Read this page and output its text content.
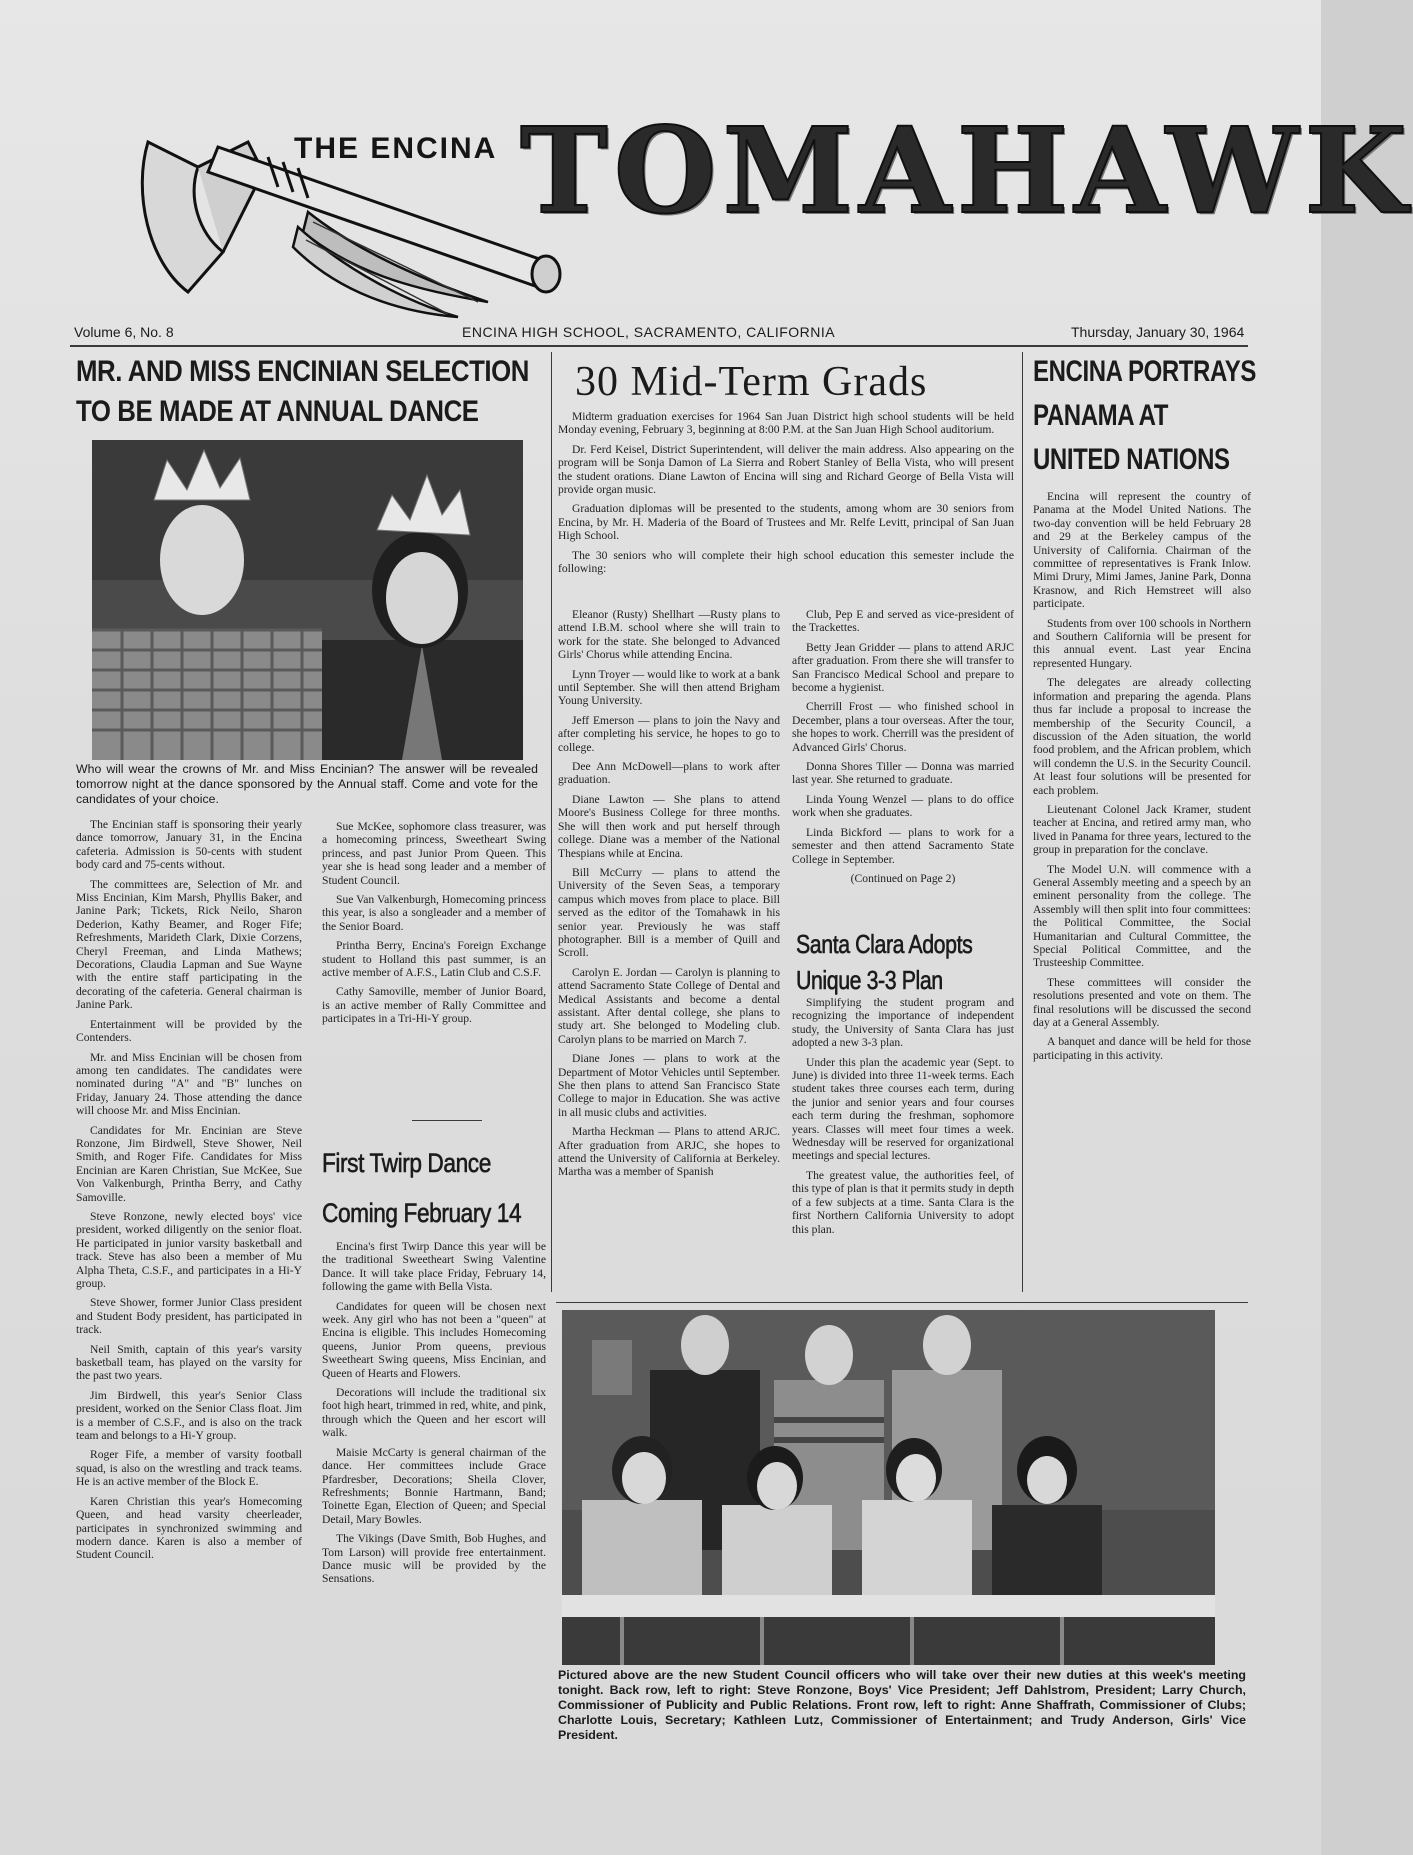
THE ENCINA TOMAHAWK
Volume 6, No. 8	ENCINA HIGH SCHOOL, SACRAMENTO, CALIFORNIA	Thursday, January 30, 1964
MR. AND MISS ENCINIAN SELECTION
TO BE MADE AT ANNUAL DANCE
Who will wear the crowns of Mr. and Miss Encinian? The answer will be revealed tomorrow night at the dance sponsored by the Annual staff. Come and vote for the candidates of your choice.

The Encinian staff is sponsoring their yearly dance tomorrow, January 31, in the Encina cafeteria. Admission is 50-cents with student body card and 75-cents without.

The committees are, Selection of Mr. and Miss Encinian, Kim Marsh, Phyllis Baker, and Janine Park; Tickets, Rick Neilo, Sharon Dederion, Kathy Beamer, and Roger Fife; Refreshments, Marideth Clark, Dixie Corzens, Cheryl Freeman, and Linda Mathews; Decorations, Claudia Lapman and Sue Wayne with the entire staff participating in the decorating of the cafeteria. General chairman is Janine Park.

Entertainment will be provided by the Contenders.

Mr. and Miss Encinian will be chosen from among ten candidates. The candidates were nominated during "A" and "B" lunches on Friday, January 24. Those attending the dance will choose Mr. and Miss Encinian.

Candidates for Mr. Encinian are Steve Ronzone, Jim Birdwell, Steve Shower, Neil Smith, and Roger Fife. Candidates for Miss Encinian are Karen Christian, Sue McKee, Sue Von Valkenburgh, Printha Berry, and Cathy Samoville.

Steve Ronzone, newly elected boys' vice president, worked diligently on the senior float. He participated in junior varsity basketball and track. Steve has also been a member of Mu Alpha Theta, C.S.F., and participates in a Hi-Y group.

Steve Shower, former Junior Class president and Student Body president, has participated in track.

Neil Smith, captain of this year's varsity basketball team, has played on the varsity for the past two years.

Jim Birdwell, this year's Senior Class president, worked on the Senior Class float. Jim is a member of C.S.F., and is also on the track team and belongs to a Hi-Y group.

Roger Fife, a member of varsity football squad, is also on the wrestling and track teams. He is an active member of the Block E.

Karen Christian this year's Homecoming Queen, and head varsity cheerleader, participates in synchronized swimming and modern dance. Karen is also a member of Student Council.

Sue McKee, sophomore class treasurer, was a homecoming princess, Sweetheart Swing princess, and past Junior Prom Queen. This year she is head song leader and a member of Student Council.

Sue Van Valkenburgh, Homecoming princess this year, is also a songleader and a member of the Senior Board.

Printha Berry, Encina's Foreign Exchange student to Holland this past summer, is an active member of A.F.S., Latin Club and C.S.F.

Cathy Samoville, member of Junior Board, is an active member of Rally Committee and participates in a Tri-Hi-Y group.

First Twirp Dance
Coming February 14

Encina's first Twirp Dance this year will be the traditional Sweetheart Swing Valentine Dance. It will take place Friday, February 14, following the game with Bella Vista.

Candidates for queen will be chosen next week. Any girl who has not been a "queen" at Encina is eligible. This includes Homecoming queens, Junior Prom queens, previous Sweetheart Swing queens, Miss Encinian, and Queen of Hearts and Flowers.

Decorations will include the traditional six foot high heart, trimmed in red, white, and pink, through which the Queen and her escort will walk.

Maisie McCarty is general chairman of the dance. Her committees include Grace Pfardresber, Decorations; Sheila Clover, Refreshments; Bonnie Hartmann, Band; Toinette Egan, Election of Queen; and Special Detail, Mary Bowles.

The Vikings (Dave Smith, Bob Hughes, and Tom Larson) will provide free entertainment. Dance music will be provided by the Sensations.

30 Mid-Term Grads

Midterm graduation exercises for 1964 San Juan District high school students will be held Monday evening, February 3, beginning at 8:00 P.M. at the San Juan High School auditorium.

Dr. Ferd Keisel, District Superintendent, will deliver the main address. Also appearing on the program will be Sonja Damon of La Sierra and Robert Stanley of Bella Vista, who will present the student orations. Diane Lawton of Encina will sing and Richard George of Bella Vista will provide organ music.

Graduation diplomas will be presented to the students, among whom are 30 seniors from Encina, by Mr. H. Maderia of the Board of Trustees and Mr. Relfe Levitt, principal of San Juan High School.

The 30 seniors who will complete their high school education this semester include the following:

Eleanor (Rusty) Shellhart —Rusty plans to attend I.B.M. school where she will train to work for the state. She belonged to Advanced Girls' Chorus while attending Encina.

Lynn Troyer — would like to work at a bank until September. She will then attend Brigham Young University.

Jeff Emerson — plans to join the Navy and after completing his service, he hopes to go to college.

Dee Ann McDowell—plans to work after graduation.

Diane Lawton — She plans to attend Moore's Business College for three months. She will then work and put herself through college. Diane was a member of the National Thespians while at Encina.

Bill McCurry — plans to attend the University of the Seven Seas, a temporary campus which moves from place to place. Bill served as the editor of the Tomahawk in his senior year. Previously he was staff photographer. Bill is a member of Quill and Scroll.

Carolyn E. Jordan — Carolyn is planning to attend Sacramento State College of Dental and Medical Assistants and become a dental assistant. After dental college, she plans to study art. She belonged to Modeling club. Carolyn plans to be married on March 7.

Diane Jones — plans to work at the Department of Motor Vehicles until September. She then plans to attend San Francisco State College to major in Education. She was active in all music clubs and activities.

Martha Heckman — Plans to attend ARJC. After graduation from ARJC, she hopes to attend the University of California at Berkeley. Martha was a member of Spanish

Club, Pep E and served as vice-president of the Trackettes.

Betty Jean Gridder — plans to attend ARJC after graduation. From there she will transfer to San Francisco Medical School and prepare to become a hygienist.

Cherrill Frost — who finished school in December, plans a tour overseas. After the tour, she hopes to work. Cherrill was the president of Advanced Girls' Chorus.

Donna Shores Tiller — Donna was married last year. She returned to graduate.

Linda Young Wenzel — plans to do office work when she graduates.

Linda Bickford — plans to work for a semester and then attend Sacramento State College in September.

(Continued on Page 2)

Santa Clara Adopts
Unique 3-3 Plan

Simplifying the student program and recognizing the importance of independent study, the University of Santa Clara has just adopted a new 3-3 plan.

Under this plan the academic year (Sept. to June) is divided into three 11-week terms. Each student takes three courses each term, during the junior and senior years and four courses each term during the freshman, sophomore years. Classes will meet four times a week. Wednesday will be reserved for organizational meetings and special lectures.

The greatest value, the authorities feel, of this type of plan is that it permits study in depth of a few subjects at a time. Santa Clara is the first Northern California University to adopt this plan.

ENCINA PORTRAYS
PANAMA AT
UNITED NATIONS

Encina will represent the country of Panama at the Model United Nations. The two-day convention will be held February 28 and 29 at the Berkeley campus of the University of California. Chairman of the committee of representatives is Frank Inlow. Mimi Drury, Mimi James, Janine Park, Donna Krasnow, and Rich Hemstreet will also participate.

Students from over 100 schools in Northern and Southern California will be present for this annual event. Last year Encina represented Hungary.

The delegates are already collecting information and preparing the agenda. Plans thus far include a proposal to increase the membership of the Security Council, a discussion of the Aden situation, the world food problem, and the African problem, which will condemn the U.S. in the Security Council. At least four solutions will be presented for each problem.

Lieutenant Colonel Jack Kramer, student teacher at Encina, and retired army man, who lived in Panama for three years, lectured to the group in preparation for the conclave.

The Model U.N. will commence with a General Assembly meeting and a speech by an eminent personality from the college. The Assembly will then split into four committees: the Political Committee, the Social Humanitarian and Cultural Committee, the Special Political Committee, and the Trusteeship Committee.

These committees will consider the resolutions presented and vote on them. The final resolutions will be discussed the second day at a General Assembly.

A banquet and dance will be held for those participating in this activity.

Pictured above are the new Student Council officers who will take over their new duties at this week's meeting tonight. Back row, left to right: Steve Ronzone, Boys' Vice President; Jeff Dahlstrom, President; Larry Church, Commissioner of Publicity and Public Relations. Front row, left to right: Anne Shaffrath, Commissioner of Clubs; Charlotte Louis, Secretary; Kathleen Lutz, Commissioner of Entertainment; and Trudy Anderson, Girls' Vice President.
